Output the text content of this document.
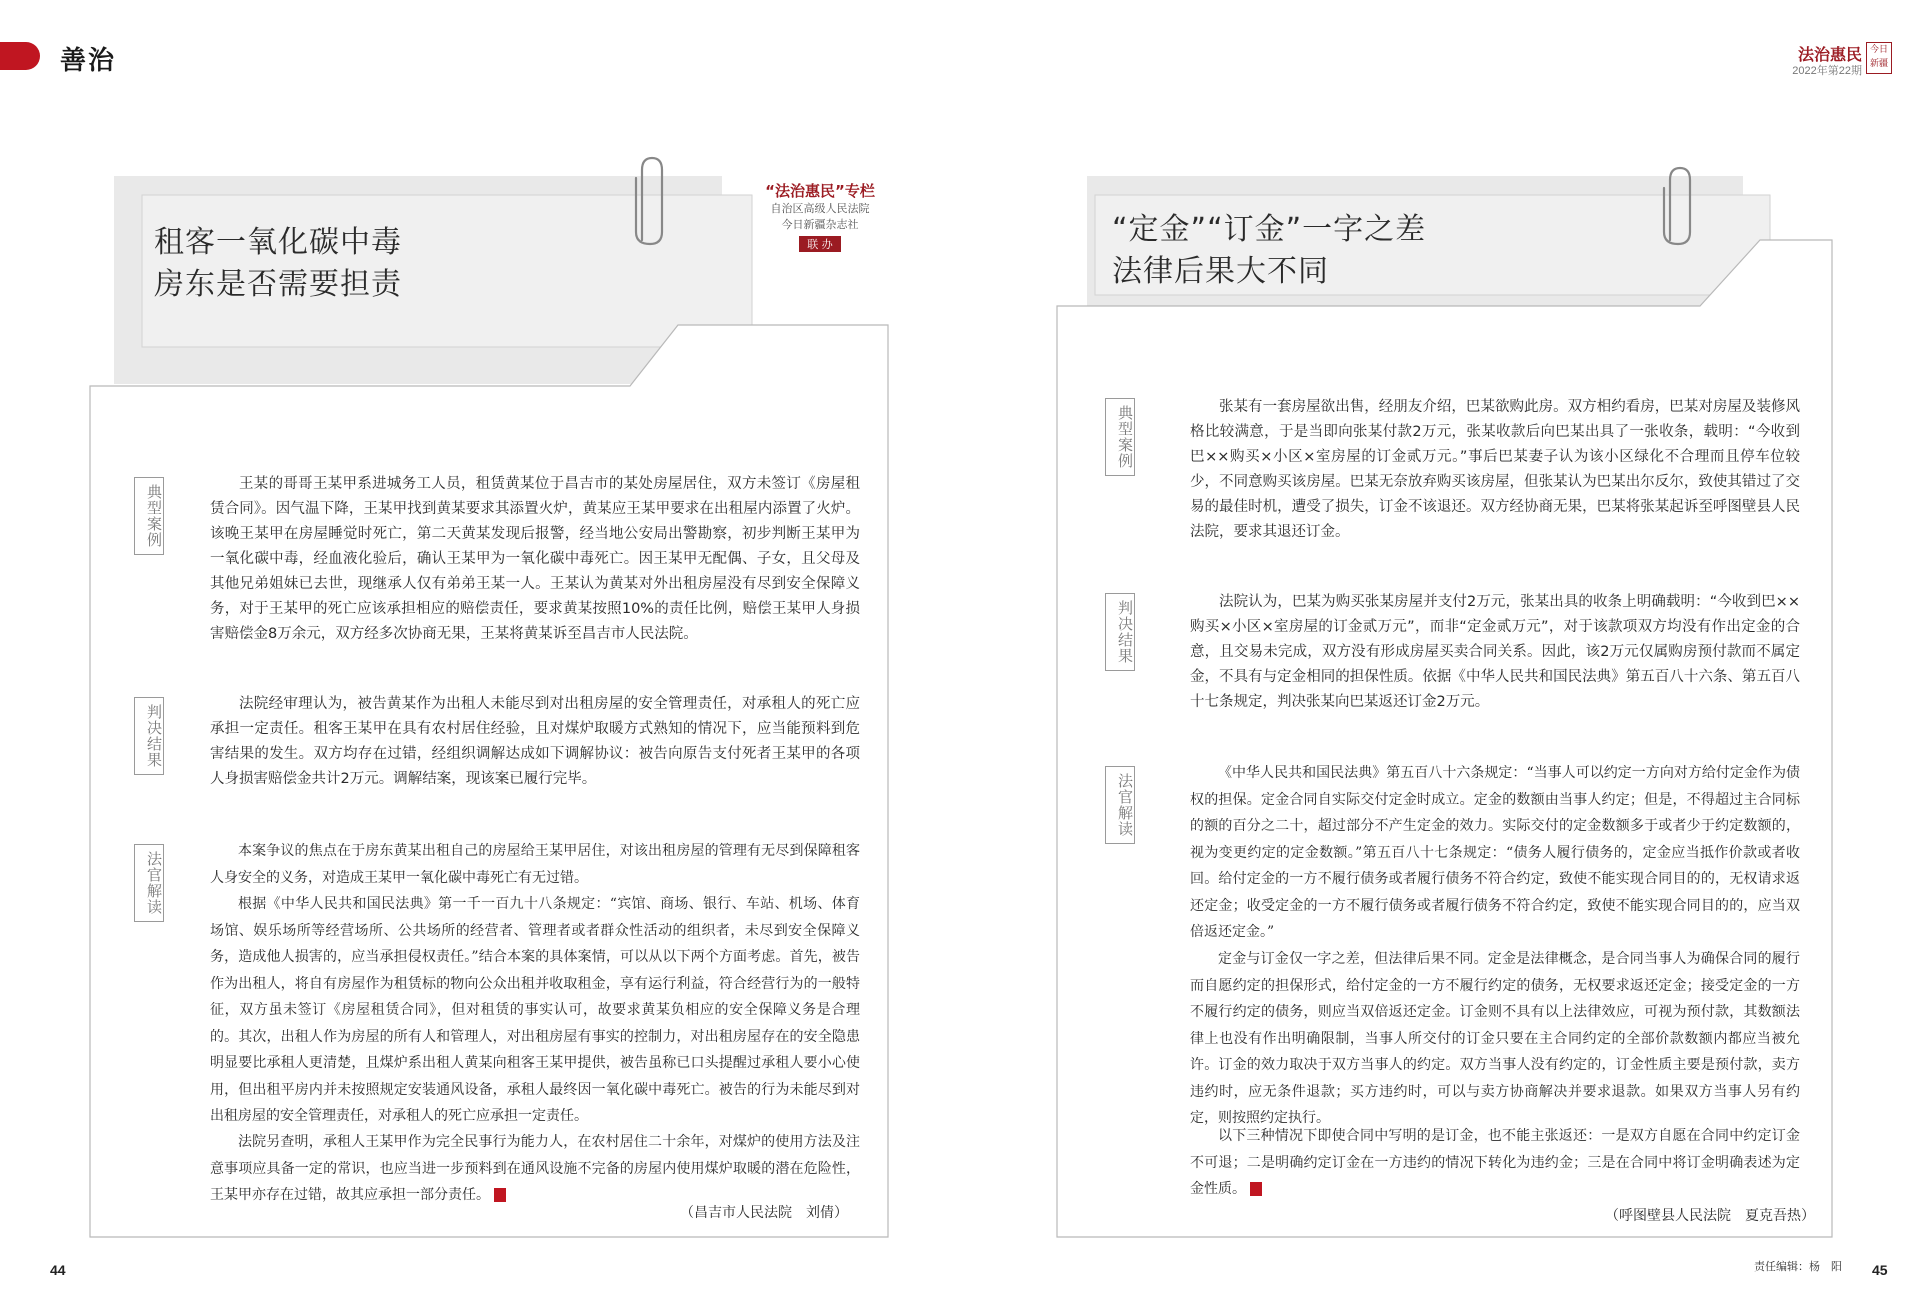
善治	法治惠民
2022年第22期
今日新疆
租客一氧化碳中毒
房东是否需要担责
“定金”“订金”一字之差
法律后果大不同
“法治惠民”专栏
自治区高级人民法院
今日新疆杂志社
联 办
典型案例	王某的哥哥王某甲系进城务工人员，租赁黄某位于昌吉市的某处房屋居住，双方未签订《房屋租赁合同》。因气温下降，王某甲找到黄某要求其添置火炉，黄某应王某甲要求在出租屋内添置了火炉。该晚王某甲在房屋睡觉时死亡，第二天黄某发现后报警，经当地公安局出警勘察，初步判断王某甲为一氧化碳中毒，经血液化验后，确认王某甲为一氧化碳中毒死亡。因王某甲无配偶、子女，且父母及其他兄弟姐妹已去世，现继承人仅有弟弟王某一人。王某认为黄某对外出租房屋没有尽到安全保障义务，对于王某甲的死亡应该承担相应的赔偿责任，要求黄某按照10%的责任比例，赔偿王某甲人身损害赔偿金8万余元，双方经多次协商无果，王某将黄某诉至昌吉市人民法院。

判决结果	法院经审理认为，被告黄某作为出租人未能尽到对出租房屋的安全管理责任，对承租人的死亡应承担一定责任。租客王某甲在具有农村居住经验，且对煤炉取暖方式熟知的情况下，应当能预料到危害结果的发生。双方均存在过错，经组织调解达成如下调解协议：被告向原告支付死者王某甲的各项人身损害赔偿金共计2万元。调解结案，现该案已履行完毕。

法官解读	本案争议的焦点在于房东黄某出租自己的房屋给王某甲居住，对该出租房屋的管理有无尽到保障租客人身安全的义务，对造成王某甲一氧化碳中毒死亡有无过错。

根据《中华人民共和国民法典》第一千一百九十八条规定：“宾馆、商场、银行、车站、机场、体育场馆、娱乐场所等经营场所、公共场所的经营者、管理者或者群众性活动的组织者，未尽到安全保障义务，造成他人损害的，应当承担侵权责任。”结合本案的具体案情，可以从以下两个方面考虑。首先，被告作为出租人，将自有房屋作为租赁标的物向公众出租并收取租金，享有运行利益，符合经营行为的一般特征，双方虽未签订《房屋租赁合同》，但对租赁的事实认可，故要求黄某负相应的安全保障义务是合理的。其次，出租人作为房屋的所有人和管理人，对出租房屋有事实的控制力，对出租房屋存在的安全隐患明显要比承租人更清楚，且煤炉系出租人黄某向租客王某甲提供，被告虽称已口头提醒过承租人要小心使用，但出租平房内并未按照规定安装通风设备，承租人最终因一氧化碳中毒死亡。被告的行为未能尽到对出租房屋的安全管理责任，对承租人的死亡应承担一定责任。

法院另查明，承租人王某甲作为完全民事行为能力人，在农村居住二十余年，对煤炉的使用方法及注意事项应具备一定的常识，也应当进一步预料到在通风设施不完备的房屋内使用煤炉取暖的潜在危险性，王某甲亦存在过错，故其应承担一部分责任。

（昌吉市人民法院　刘倩）
44
典型案例	张某有一套房屋欲出售，经朋友介绍，巴某欲购此房。双方相约看房，巴某对房屋及装修风格比较满意，于是当即向张某付款2万元，张某收款后向巴某出具了一张收条，载明：“今收到巴××购买×小区×室房屋的订金贰万元。”事后巴某妻子认为该小区绿化不合理而且停车位较少，不同意购买该房屋。巴某无奈放弃购买该房屋，但张某认为巴某出尔反尔，致使其错过了交易的最佳时机，遭受了损失，订金不该退还。双方经协商无果，巴某将张某起诉至呼图壁县人民法院，要求其退还订金。

判决结果	法院认为，巴某为购买张某房屋并支付2万元，张某出具的收条上明确载明：“今收到巴××购买×小区×室房屋的订金贰万元”，而非“定金贰万元”，对于该款项双方均没有作出定金的合意，且交易未完成，双方没有形成房屋买卖合同关系。因此，该2万元仅属购房预付款而不属定金，不具有与定金相同的担保性质。依据《中华人民共和国民法典》第五百八十六条、第五百八十七条规定，判决张某向巴某返还订金2万元。

法官解读	《中华人民共和国民法典》第五百八十六条规定：“当事人可以约定一方向对方给付定金作为债权的担保。定金合同自实际交付定金时成立。定金的数额由当事人约定；但是，不得超过主合同标的额的百分之二十，超过部分不产生定金的效力。实际交付的定金数额多于或者少于约定数额的，视为变更约定的定金数额。”第五百八十七条规定：“债务人履行债务的，定金应当抵作价款或者收回。给付定金的一方不履行债务或者履行债务不符合约定，致使不能实现合同目的的，无权请求返还定金；收受定金的一方不履行债务或者履行债务不符合约定，致使不能实现合同目的的，应当双倍返还定金。”

定金与订金仅一字之差，但法律后果不同。定金是法律概念，是合同当事人为确保合同的履行而自愿约定的担保形式，给付定金的一方不履行约定的债务，无权要求返还定金；接受定金的一方不履行约定的债务，则应当双倍返还定金。订金则不具有以上法律效应，可视为预付款，其数额法律上也没有作出明确限制，当事人所交付的订金只要在主合同约定的全部价款数额内都应当被允许。订金的效力取决于双方当事人的约定。双方当事人没有约定的，订金性质主要是预付款，卖方违约时，应无条件退款；买方违约时，可以与卖方协商解决并要求退款。如果双方当事人另有约定，则按照约定执行。

以下三种情况下即使合同中写明的是订金，也不能主张返还：一是双方自愿在合同中约定订金不可退；二是明确约定订金在一方违约的情况下转化为违约金；三是在合同中将订金明确表述为定金性质。

（呼图壁县人民法院　夏克吾热）
责任编辑：杨　阳 45
